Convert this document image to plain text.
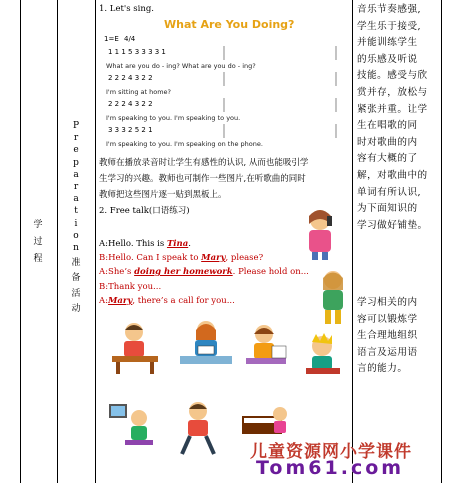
学
过
程
P
r
e
p
a
r
a
t
i
o
n
准
备
活
动
1. Let's sing.
What Are You Doing?
1=E 4/4
1 1 1 5 3 3 3 3 1
What are you do - ing? What are you do - ing?
2 2 2 4 3 2 2
I'm sitting at home?
2 2 2 4 3 2 2
I'm speaking to you. I'm speaking to you.
3 3 3 2 5 2 1
I'm speaking to you. I'm speaking on the phone.
教师在播放录音时让学生有感性的认识, 从而也能吸引学
生学习的兴趣。教师也可制作一些图片,在听歌曲的同时
教师把这些图片逐一贴到黑板上。
2. Free talk(口语练习)
A:Hello. This is Tina.
B:Hello. Can I speak to Mary, please?
A:She’s doing her homework. Please hold on...
B:Thank you...
A:Mary, there’s a call for you...
音乐节奏感强,
学生乐于接受,
并能训练学生
的乐感及听说
技能。感受与欣
赏并存，放松与
紧张并重。让学
生在唱歌的同
时对歌曲的内
容有大概的了
解，对歌曲中的
单词有所认识,
为下面知识的
学习做好铺垫。
学习相关的内
容可以锻炼学
生合理地组织
语言及运用语
言的能力。
儿童资源网小学课件
Tom61.com
